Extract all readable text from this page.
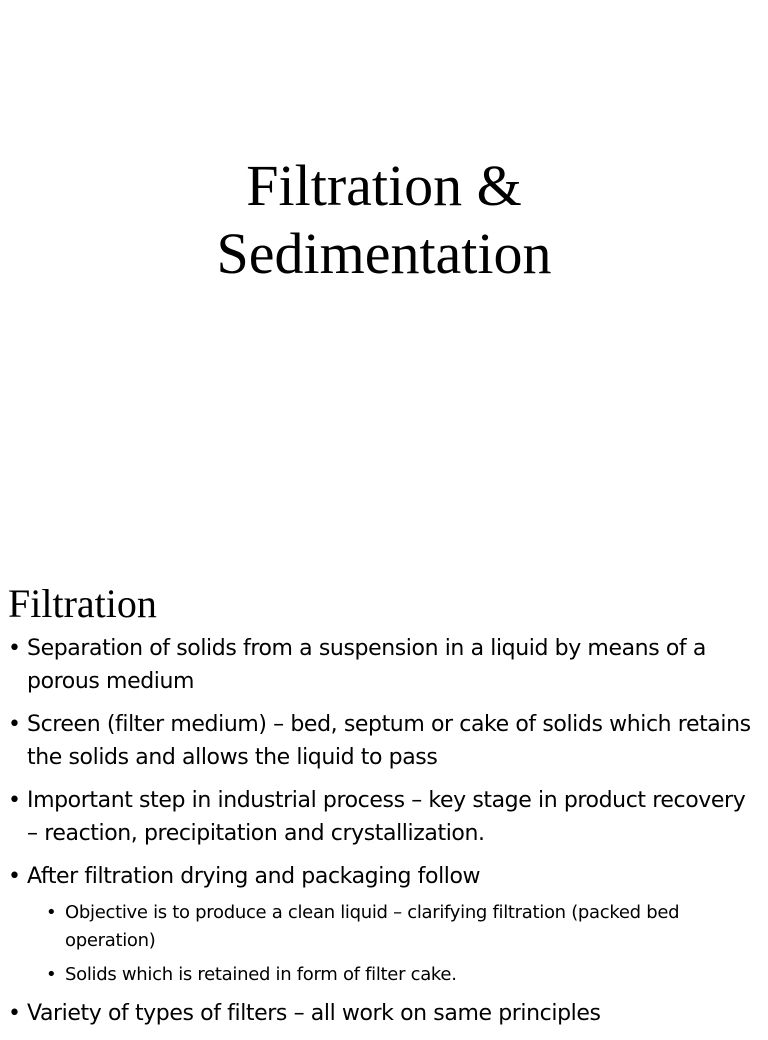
Filtration &
Sedimentation
Filtration
• Separation of solids from a suspension in a liquid by means of a porous medium
• Screen (filter medium) – bed, septum or cake of solids which retains the solids and allows the liquid to pass
• Important step in industrial process – key stage in product recovery – reaction, precipitation and crystallization.
• After filtration drying and packaging follow
• Objective is to produce a clean liquid – clarifying filtration (packed bed operation)
• Solids which is retained in form of filter cake.
• Variety of types of filters – all work on same principles
